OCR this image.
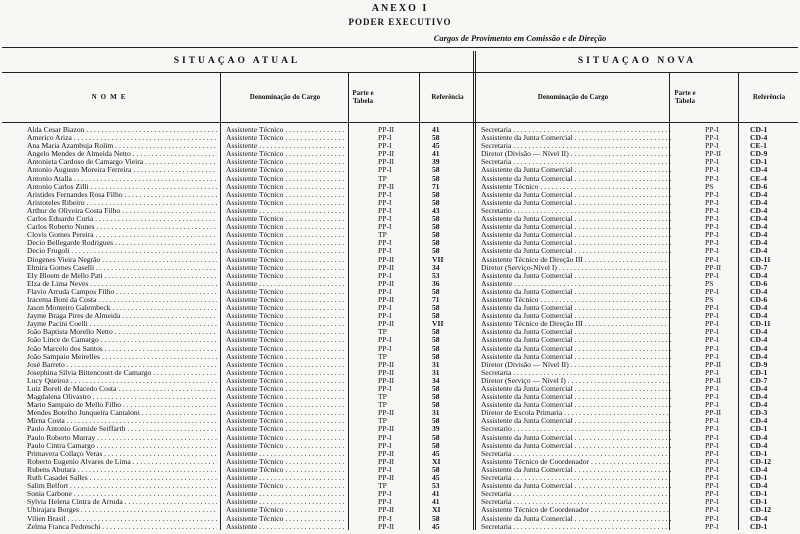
ANEXO I
PODER EXECUTIVO
Cargos de Provimento em Comissão e de Direção
SITUAÇAO ATUAL	SITUAÇAO NOVA
NOME	Denominação do Cargo	Parte e Tabela	Referência	Denominação do Cargo	Parte e Tabela	Referência
Alda Cesar Biazon . . .	Assistente Técnico . . .	PP-II	41	Secretaria . . .	PP-I	CD-1
Americo Ariza . . .	Assistente Técnico . . .	PP-I	58	Assistente da Junta Comercial . . .	PP-I	CD-4
Ana Maria Azambuja Rolim . . .	Assistente . . .	PP-I	45	Secretaria . . .	PP-I	CE-1
Angelo Mendes de Almeida Netto . . .	Assistente Técnico . . .	PP-II	41	Diretor (Divisão — Nível II) . . .	PP-II	CD-9
Antonieta Cardoso de Camargo Vieira . . .	Assistente Técnico . . .	PP-II	39	Secretaria . . .	PP-I	CD-1
Antonio Augusto Moreira Ferreira . . .	Assistente Técnico . . .	PP-I	58	Assistente da Junta Comercial . . .	PP-I	CD-4
Antonio Atalla . . .	Assistente Técnico . . .	TP	58	Assistente da Junta Comercial . . .	PP-I	CE-4
Antonio Carlos Zilli . . .	Assistente Técnico . . .	PP-II	71	Assistente Técnico . . .	PS	CD-6
Aristides Fernandes Rosa Filho . . .	Assistente Técnico . . .	PP-I	58	Assistente da Junta Comercial . . .	PP-I	CD-4
Aristoteles Ribeiro . . .	Assistente Técnico . . .	PP-I	58	Assistente da Junta Comercial . . .	PP-I	CD-4
Arthur de Oliveira Costa Filho . . .	Assistente . . .	PP-I	43	Secretario . . .	PP-I	CD-4
Carlos Eduardo Curia . . .	Assistente Técnico . . .	PP-I	58	Assistente da Junta Comercial . . .	PP-I	CD-4
Carlos Roberto Nunes . . .	Assistente Técnico . . .	PP-I	58	Assistente da Junta Comercial . . .	PP-I	CD-4
Clovis Gomes Pereira . . .	Assistente Técnico . . .	TP	58	Assistente da Junta Comercial . . .	PP-I	CD-4
Decio Bellegarde Rodrigues . . .	Assistente Técnico . . .	PP-I	58	Assistente da Junta Comercial . . .	PP-I	CD-4
Decio Frugoli . . .	Assistente Técnico . . .	PP-I	58	Assistente da Junta Comercial . . .	PP-I	CD-4
Diogenes Vieira Negrão . . .	Assistente Técnico . . .	PP-II	VII	Assistente Técnico de Direção III . . .	PP-I	CD-11
Elmira Gomes Caselli . . .	Assistente Técnico . . .	PP-II	34	Diretor (Serviço-Nível I) . . .	PP-II	CD-7
Ely Bloem de Mello Pati . . .	Assistente Técnico . . .	PP-I	53	Assistente da Junta Comercial . . .	PP-I	CD-4
Elza de Lima Neves . . .	Assistente . . .	PP-II	36	Assistente . . .	PS	CD-6
Flavio Arruda Campos Filho . . .	Assistente Técnico . . .	PP-I	58	Assistente da Junta Comercial . . .	PP-I	CD-4
Iracema Boni da Costa . . .	Assistente Técnico . . .	PP-II	71	Assistente Técnico . . .	PS	CD-6
Jason Monteiro Galembeck . . .	Assistente Técnico . . .	PP-I	58	Assistente da Junta Comercial . . .	PP-I	CD-4
Jayme Braga Pires de Almeida . . .	Assistente Técnico . . .	PP-I	58	Assistente da Junta Comercial . . .	PP-I	CD-4
Jayme Pacini Coelli . . .	Assistente Técnico . . .	PP-II	VII	Assistente Técnico de Direção III . . .	PP-I	CD-11
João Baptista Morello Netto . . .	Assistente Técnico . . .	TP	58	Assistente da Junta Comercial . . .	PP-I	CD-4
João Lince de Camargo . . .	Assistente Técnico . . .	PP-I	58	Assistente da Junta Comercial . . .	PP-I	CD-4
João Marcelo dos Santos . . .	Assistente Técnico . . .	PP-I	58	Assistente da Junta Comercial . . .	PP-I	CD-4
João Sampaio Meirelles . . .	Assistente Técnico . . .	TP	58	Assistente da Junta Comercial . . .	PP-I	CD-4
José Barreto . . .	Assistente Técnico . . .	PP-II	31	Diretor (Divisão — Nível II) . . .	PP-II	CD-9
Josephina Silvia Bittencourt de Camargo . . .	Assistente Técnico . . .	PP-II	31	Secretaria . . .	PP-I	CD-1
Lucy Queiroz . . .	Assistente Técnico . . .	PP-II	34	Diretor (Serviço — Nível I) . . .	PP-II	CD-7
Luiz Boreli de Macedo Costa . . .	Assistente Técnico . . .	PP-I	58	Assistente da Junta Comercial . . .	PP-I	CD-4
Magdalena Olivastro . . .	Assistente Técnico . . .	TP	58	Assistente da Junta Comercial . . .	PP-I	CD-4
Mario Sampaio de Mello Filho . . .	Assistente Técnico . . .	TP	58	Assistente da Junta Comercial . . .	PP-I	CD-4
Mendes Botelho Junqueira Cantaloni . . .	Assistente Técnico . . .	PP-II	31	Diretor de Escola Primaria . . .	PP-II	CD-3
Mirna Costa . . .	Assistente Técnico . . .	TP	58	Assistente da Junta Comercial . . .	PP-I	CD-4
Paulo Antonio Gomide Seiffarth . . .	Assistente Técnico . . .	PP-II	39	Secretario . . .	PP-I	CD-1
Paulo Roberto Murray . . .	Assistente Técnico . . .	PP-I	58	Assistente da Junta Comercial . . .	PP-I	CD-4
Paulo Cintra Camargo . . .	Assistente Técnico . . .	PP-I	58	Assistente da Junta Comercial . . .	PP-I	CD-4
Primavera Collaço Veras . . .	Assistente . . .	PP-II	45	Secretaria . . .	PP-I	CD-1
Roberto Eugenio Alvares de Lima . . .	Assistente Técnico . . .	PP-II	XI	Assistente Técnico de Coordenador . . .	PP-I	CD-12
Rubens Abutara . . .	Assistente Técnico . . .	PP-I	58	Assistente da Junta Comercial . . .	PP-I	CD-4
Ruth Casadei Salles . . .	Assistente . . .	PP-II	45	Secretaria . . .	PP-I	CD-1
Salim Belfort . . .	Assistente Técnico . . .	TP	53	Assistente da Junta Comercial . . .	PP-I	CD-4
Sonia Carbone . . .	Assistente . . .	PP-I	41	Secretaria . . .	PP-I	CD-1
Sylvia Helena Cintra de Arruda . . .	Assistente . . .	PP-I	41	Secretaria . . .	PP-I	CD-1
Ubirajara Borges . . .	Assistente Técnico . . .	PP-II	XI	Assistente Técnico de Coordenador . . .	PP-I	CD-12
Vilien Brasil . . .	Assistente Técnico . . .	PP-I	58	Assistente da Junta Comercial . . .	PP-I	CD-4
Zelma Franca Pedreschi . . .	Assistente . . .	PP-II	45	Secretaria . . .	PP-I	CD-1
